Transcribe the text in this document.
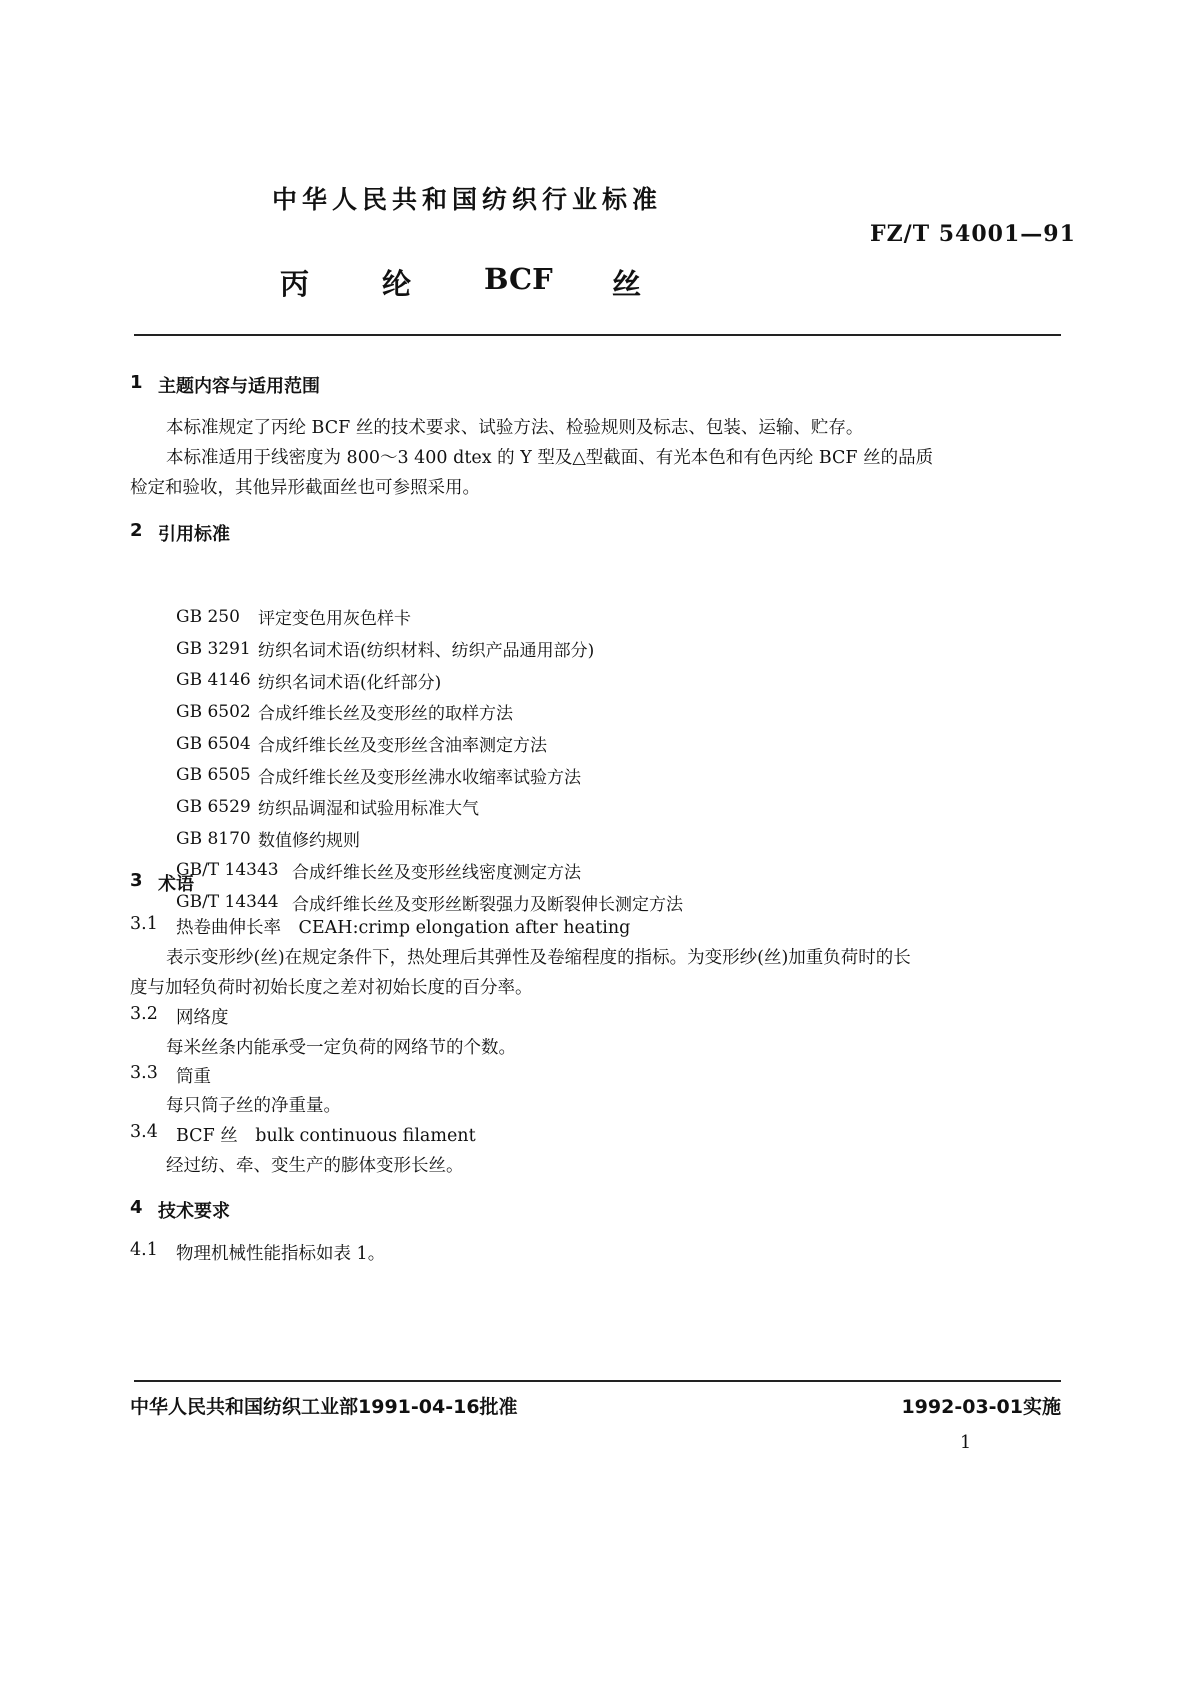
中华人民共和国纺织行业标准
FZ/T 54001—91
丙	纶	BCF 丝
1 主题内容与适用范围
本标准规定了丙纶 BCF 丝的技术要求、试验方法、检验规则及标志、包装、运输、贮存。
本标准适用于线密度为 800～3 400 dtex 的 Y 型及△型截面、有光本色和有色丙纶 BCF 丝的品质
检定和验收，其他异形截面丝也可参照采用。
2 引用标准
GB 250	评定变色用灰色样卡
GB 3291 纺织名词术语(纺织材料、纺织产品通用部分)
GB 4146 纺织名词术语(化纤部分)
GB 6502 合成纤维长丝及变形丝的取样方法
GB 6504 合成纤维长丝及变形丝含油率测定方法
GB 6505 合成纤维长丝及变形丝沸水收缩率试验方法
GB 6529 纺织品调湿和试验用标准大气
GB 8170 数值修约规则
GB/T 14343 合成纤维长丝及变形丝线密度测定方法
GB/T 14344 合成纤维长丝及变形丝断裂强力及断裂伸长测定方法
3 术语
3.1 热卷曲伸长率　CEAH:crimp elongation after heating
表示变形纱(丝)在规定条件下，热处理后其弹性及卷缩程度的指标。为变形纱(丝)加重负荷时的长
度与加轻负荷时初始长度之差对初始长度的百分率。
3.2 网络度
每米丝条内能承受一定负荷的网络节的个数。
3.3 筒重
每只筒子丝的净重量。
3.4 BCF 丝　bulk continuous filament
经过纺、牵、变生产的膨体变形长丝。
4 技术要求
4.1 物理机械性能指标如表 1。
中华人民共和国纺织工业部1991-04-16批准	1992-03-01实施
1
